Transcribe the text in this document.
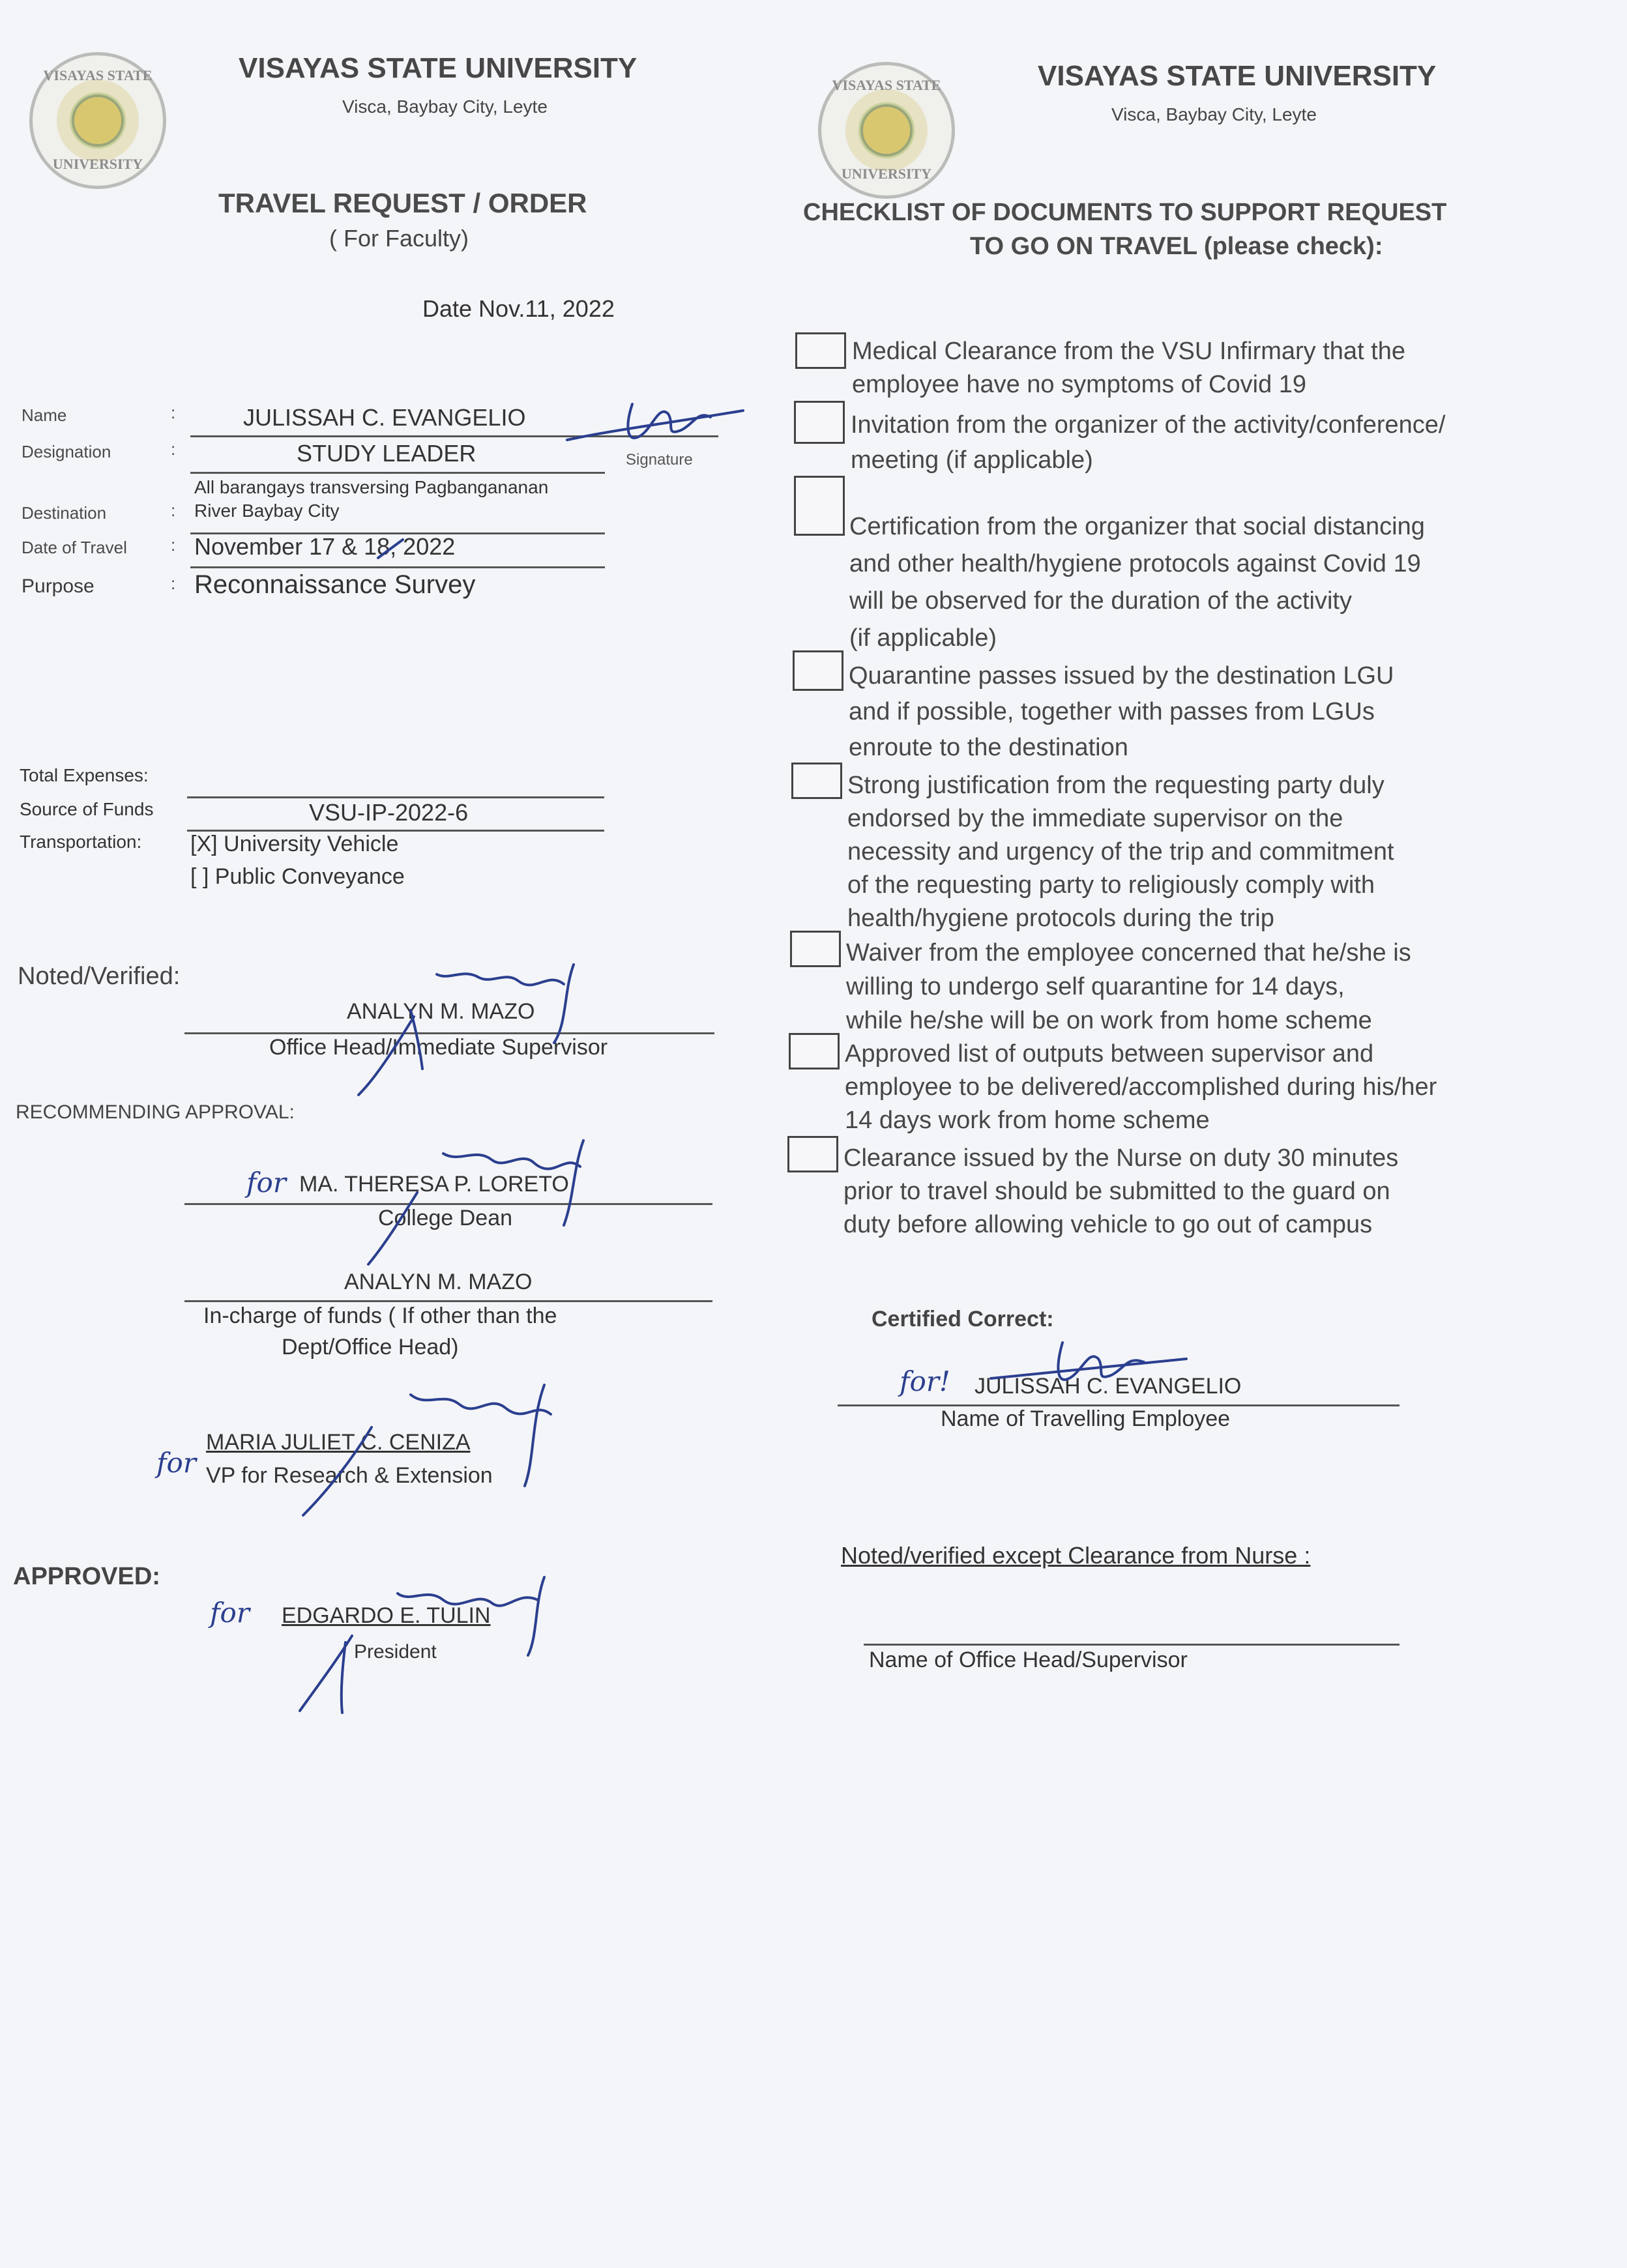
VISAYAS STATE
UNIVERSITY
VISAYAS STATE UNIVERSITY
Visca, Baybay City, Leyte
TRAVEL REQUEST / ORDER
( For Faculty)
Date Nov.11, 2022
Name	:	JULISSAH C. EVANGELIO
Signature
Designation	:	STUDY LEADER
All barangays transversing Pagbangananan
Destination	: River Baybay City
Date of Travel	: November 17 & 18, 2022
Purpose	: Reconnaissance Survey
Total Expenses:
Source of Funds	VSU-IP-2022-6
Transportation: [X] University Vehicle
[ ] Public Conveyance
Noted/Verified:
ANALYN M. MAZO
Office Head/Immediate Supervisor
RECOMMENDING APPROVAL:
for MA. THERESA P. LORETO
College Dean
ANALYN M. MAZO
In-charge of funds ( If other than the
Dept/Office Head)
for
MARIA JULIET C. CENIZA
VP for Research & Extension
APPROVED:
for EDGARDO E. TULIN
President
VISAYAS STATE
UNIVERSITY
VISAYAS STATE UNIVERSITY
Visca, Baybay City, Leyte
CHECKLIST OF DOCUMENTS TO SUPPORT REQUEST
TO GO ON TRAVEL (please check):
Medical Clearance from the VSU Infirmary that the
employee have no symptoms of Covid 19
Invitation from the organizer of the activity/conference/
meeting (if applicable)
Certification from the organizer that social distancing
and other health/hygiene protocols against Covid 19
will be observed for the duration of the activity
(if applicable)
Quarantine passes issued by the destination LGU
and if possible, together with passes from LGUs
enroute to the destination
Strong justification from the requesting party duly
endorsed by the immediate supervisor on the
necessity and urgency of the trip and commitment
of the requesting party to religiously comply with
health/hygiene protocols during the trip
Waiver from the employee concerned that he/she is
willing to undergo self quarantine for 14 days,
while he/she will be on work from home scheme
Approved list of outputs between supervisor and
employee to be delivered/accomplished during his/her
14 days work from home scheme
Clearance issued by the Nurse on duty 30 minutes
prior to travel should be submitted to the guard on
duty before allowing vehicle to go out of campus
Certified Correct:
for! JULISSAH C. EVANGELIO
Name of Travelling Employee
Noted/verified except Clearance from Nurse :
Name of Office Head/Supervisor
